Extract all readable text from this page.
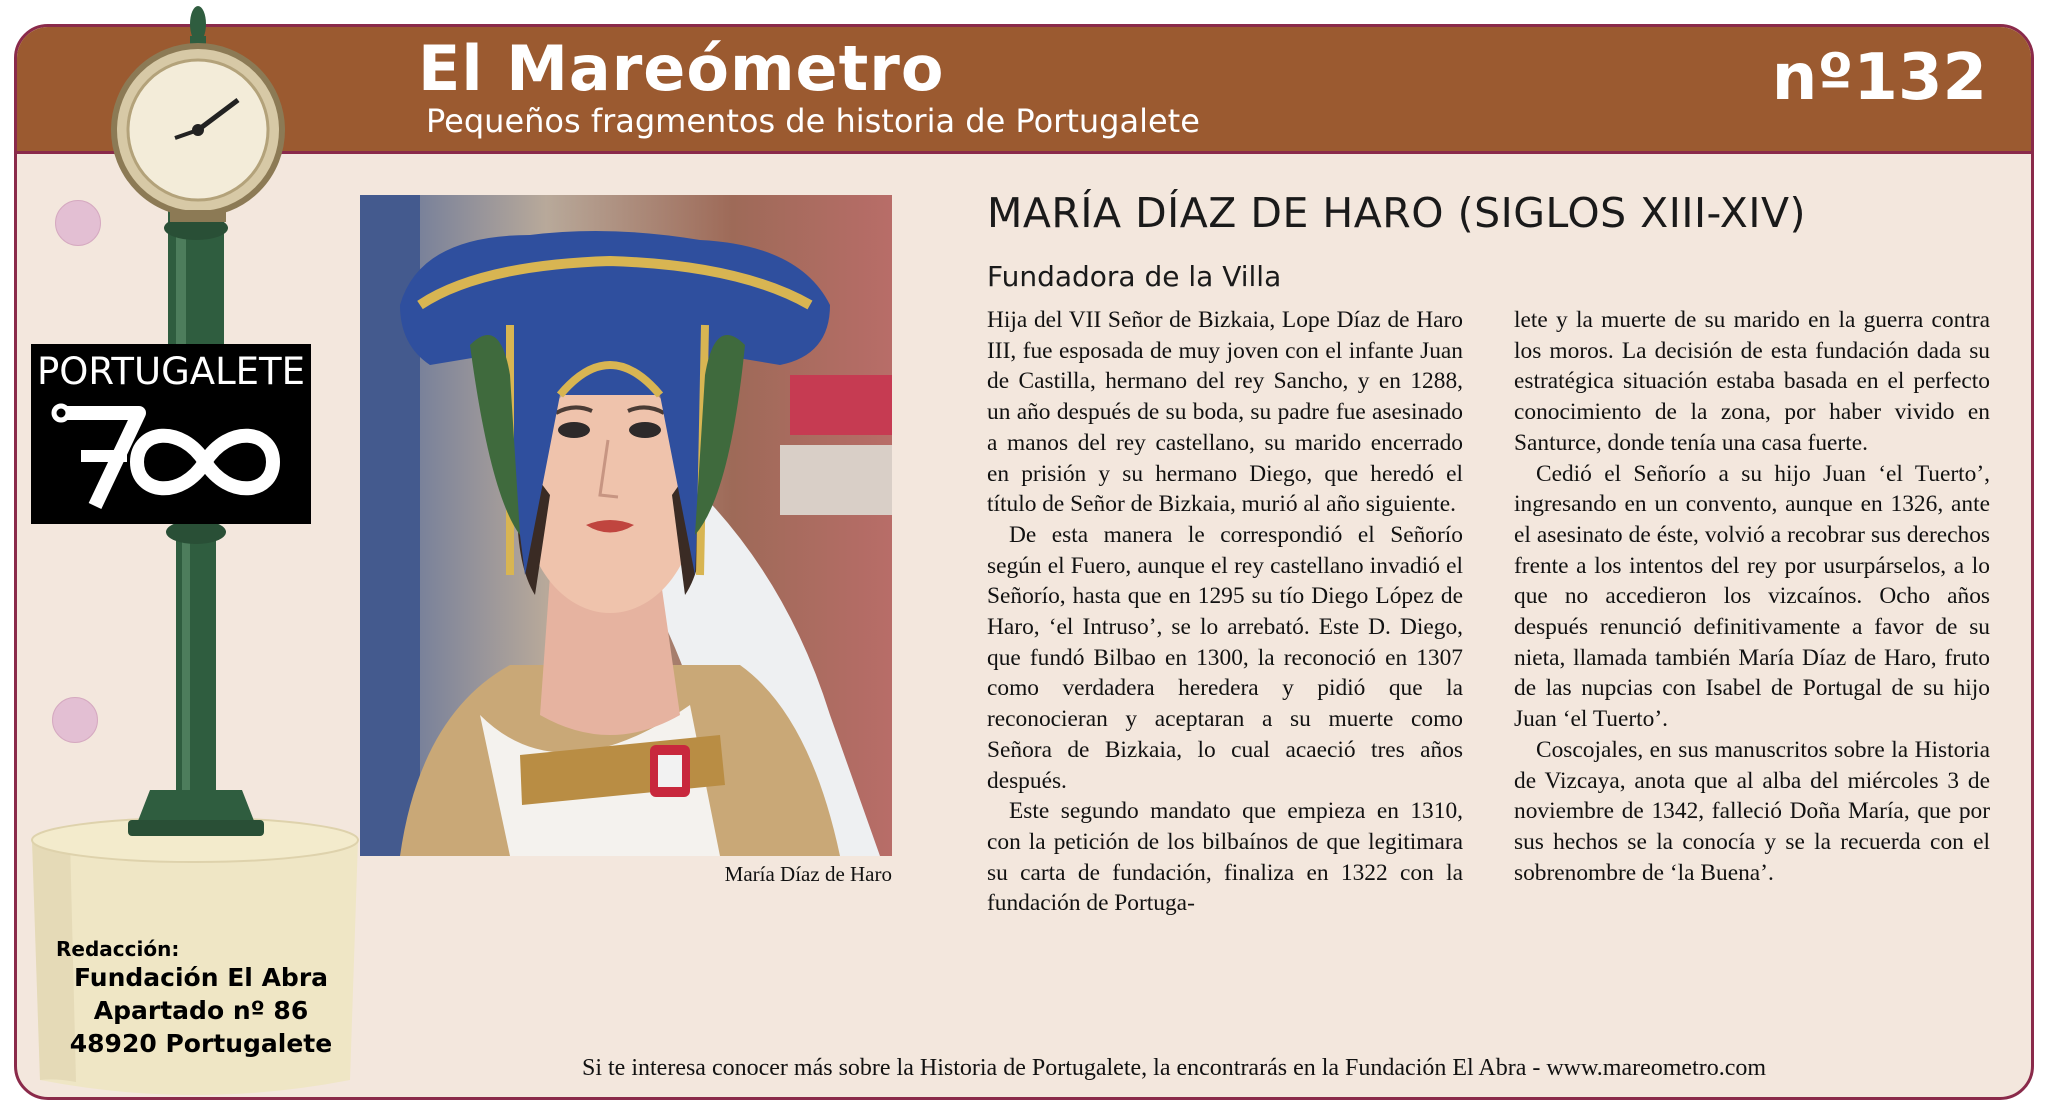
El Mareómetro
Pequeños fragmentos de historia de Portugalete
nº132
PORTUGALETE
Redacción:
Fundación El Abra
Apartado nº 86
48920 Portugalete
María Díaz de Haro
MARÍA DÍAZ DE HARO (SIGLOS XIII-XIV)
Fundadora de la Villa

Hija del VII Señor de Bizkaia, Lope Díaz de Haro III, fue esposada de muy joven con el infante Juan de Castilla, hermano del rey Sancho, y en 1288, un año después de su boda, su padre fue asesinado a manos del rey castellano, su marido encerrado en prisión y su hermano Diego, que heredó el título de Señor de Bizkaia, murió al año siguiente.

De esta manera le correspondió el Señorío según el Fuero, aunque el rey castellano invadió el Señorío, hasta que en 1295 su tío Diego López de Haro, ‘el Intruso’, se lo arrebató. Este D. Diego, que fundó Bilbao en 1300, la reconoció en 1307 como verdadera heredera y pidió que la reconocieran y aceptaran a su muerte como Señora de Bizkaia, lo cual acaeció tres años después.

Este segundo mandato que empieza en 1310, con la petición de los bilbaínos de que legitimara su carta de fundación, finaliza en 1322 con la fundación de Portuga-

lete y la muerte de su marido en la guerra contra los moros. La decisión de esta fundación dada su estratégica situación estaba basada en el perfecto conocimiento de la zona, por haber vivido en Santurce, donde tenía una casa fuerte.

Cedió el Señorío a su hijo Juan ‘el Tuerto’, ingresando en un convento, aunque en 1326, ante el asesinato de éste, volvió a recobrar sus derechos frente a los intentos del rey por usurpárselos, a lo que no accedieron los vizcaínos. Ocho años después renunció definitivamente a favor de su nieta, llamada también María Díaz de Haro, fruto de las nupcias con Isabel de Portugal de su hijo Juan ‘el Tuerto’.

Coscojales, en sus manuscritos sobre la Historia de Vizcaya, anota que al alba del miércoles 3 de noviembre de 1342, falleció Doña María, que por sus hechos se la conocía y se la recuerda con el sobrenombre de ‘la Buena’.

Si te interesa conocer más sobre la Historia de Portugalete, la encontrarás en la Fundación El Abra - www.mareometro.com
